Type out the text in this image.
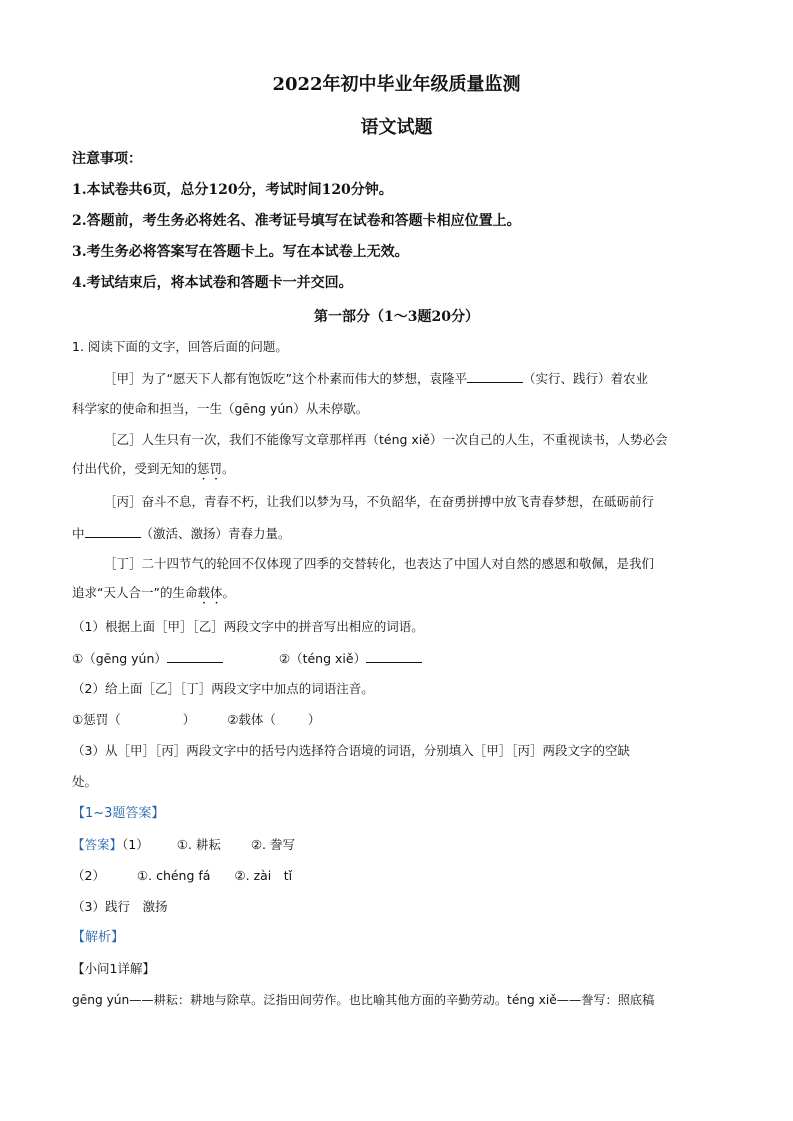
2022年初中毕业年级质量监测
语文试题
注意事项：
1.本试卷共6页，总分120分，考试时间120分钟。
2.答题前，考生务必将姓名、准考证号填写在试卷和答题卡相应位置上。
3.考生务必将答案写在答题卡上。写在本试卷上无效。
4.考试结束后，将本试卷和答题卡一并交回。
第一部分（1～3题20分）
1. 阅读下面的文字，回答后面的问题。
［甲］为了“愿天下人都有饱饭吃”这个朴素而伟大的梦想，袁隆平	（实行、践行）着农业
科学家的使命和担当，一生（gēng yún）从未停歇。
［乙］人生只有一次，我们不能像写文章那样再（téng xiě）一次自己的人生，不重视读书，人势必会
付出代价，受到无知的惩罚。
［丙］奋斗不息，青春不朽，让我们以梦为马，不负韶华，在奋勇拼搏中放飞青春梦想，在砥砺前行
中	（激活、激扬）青春力量。
［丁］二十四节气的轮回不仅体现了四季的交替转化，也表达了中国人对自然的感恩和敬佩，是我们
追求“天人合一”的生命载体。
（1）根据上面［甲］［乙］两段文字中的拼音写出相应的词语。
①（gēng yún）	②（téng xiě）
（2）给上面［乙］［丁］两段文字中加点的词语注音。
①惩罚（	）	②载体（	）
（3）从［甲］［丙］两段文字中的括号内选择符合语境的词语，分别填入［甲］［丙］两段文字的空缺
处。
【1~3题答案】
【答案】（1） ①. 耕耘 ②. 誊写
（2）	①. chéng fá ②. zài　tǐ
（3）践行　激扬
【解析】
【小问1详解】
gēng yún——耕耘：耕地与除草。泛指田间劳作。也比喻其他方面的辛勤劳动。téng xiě——誊写：照底稿
